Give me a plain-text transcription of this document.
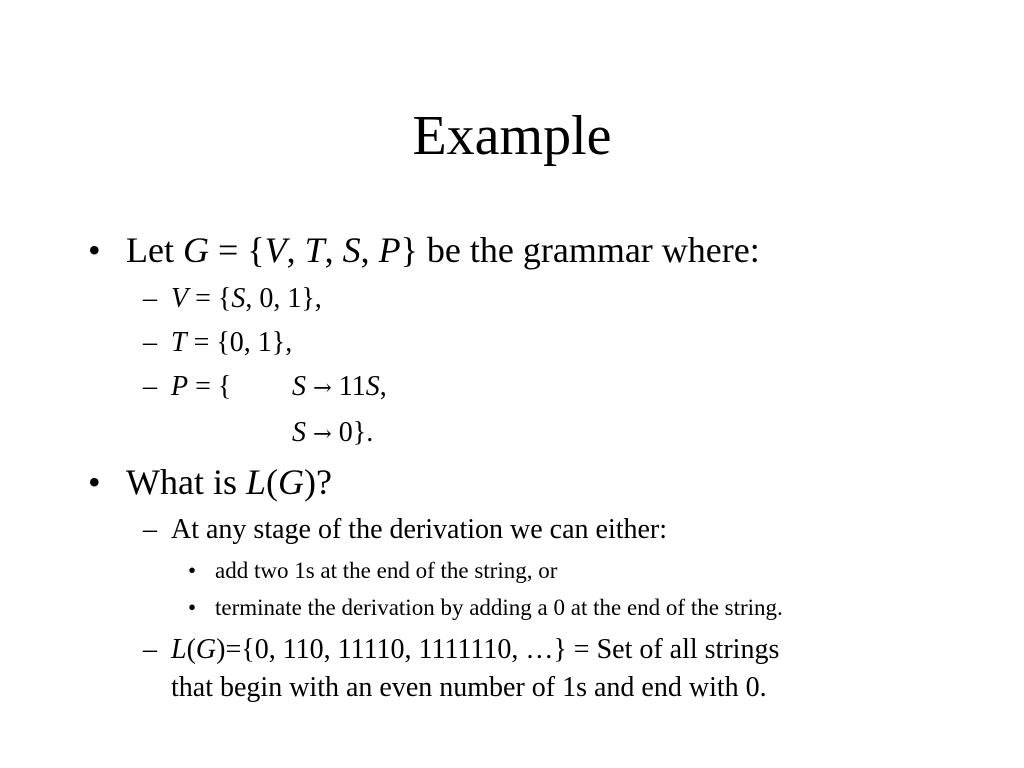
Example
• Let G = {V, T, S, P} be the grammar where:
– V = {S, 0, 1},
– T = {0, 1},
– P = { S → 11S,
S → 0}.
• What is L(G)?
– At any stage of the derivation we can either:
• add two 1s at the end of the string, or
• terminate the derivation by adding a 0 at the end of the string.
– L(G)={0, 110, 11110, 1111110, …} = Set of all strings
that begin with an even number of 1s and end with 0.
